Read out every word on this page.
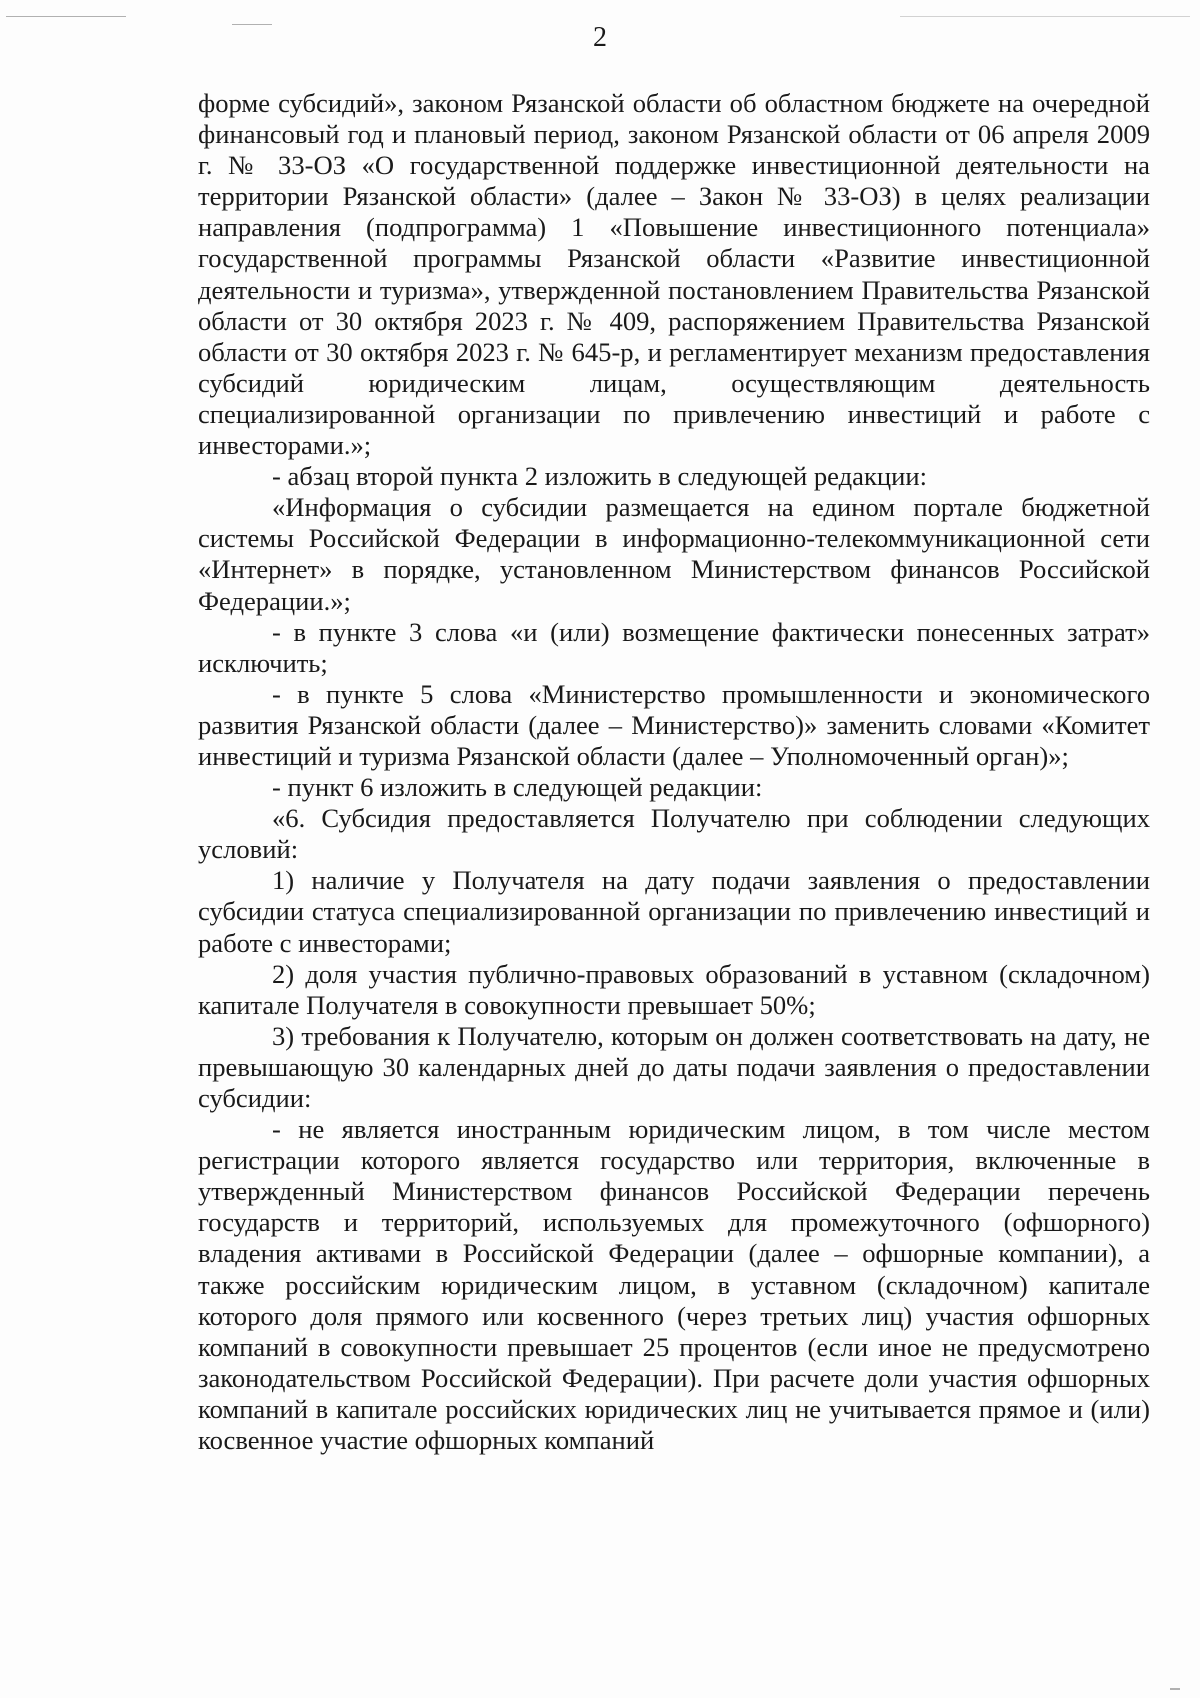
2

форме субсидий», законом Рязанской области об областном бюджете на очередной финансовый год и плановый период, законом Рязанской области от 06 апреля 2009 г. № 33-ОЗ «О государственной поддержке инвестиционной деятельности на территории Рязанской области» (далее – Закон № 33-ОЗ) в целях реализации направления (подпрограмма) 1 «Повышение инвестиционного потенциала» государственной программы Рязанской области «Развитие инвестиционной деятельности и туризма», утвержденной постановлением Правительства Рязанской области от 30 октября 2023 г. № 409, распоряжением Правительства Рязанской области от 30 октября 2023 г. № 645-р, и регламентирует механизм предоставления субсидий юридическим лицам, осуществляющим деятельность специализированной организации по привлечению инвестиций и работе с инвесторами.»;

- абзац второй пункта 2 изложить в следующей редакции:

«Информация о субсидии размещается на едином портале бюджетной системы Российской Федерации в информационно-телекоммуникационной сети «Интернет» в порядке, установленном Министерством финансов Российской Федерации.»;

- в пункте 3 слова «и (или) возмещение фактически понесенных затрат» исключить;

- в пункте 5 слова «Министерство промышленности и экономического развития Рязанской области (далее – Министерство)» заменить словами «Комитет инвестиций и туризма Рязанской области (далее – Уполномоченный орган)»;

- пункт 6 изложить в следующей редакции:

«6. Субсидия предоставляется Получателю при соблюдении следующих условий:

1) наличие у Получателя на дату подачи заявления о предоставлении субсидии статуса специализированной организации по привлечению инвестиций и работе с инвесторами;

2) доля участия публично-правовых образований в уставном (складочном) капитале Получателя в совокупности превышает 50%;

3) требования к Получателю, которым он должен соответствовать на дату, не превышающую 30 календарных дней до даты подачи заявления о предоставлении субсидии:

- не является иностранным юридическим лицом, в том числе местом регистрации которого является государство или территория, включенные в утвержденный Министерством финансов Российской Федерации перечень государств и территорий, используемых для промежуточного (офшорного) владения активами в Российской Федерации (далее – офшорные компании), а также российским юридическим лицом, в уставном (складочном) капитале которого доля прямого или косвенного (через третьих лиц) участия офшорных компаний в совокупности превышает 25 процентов (если иное не предусмотрено законодательством Российской Федерации). При расчете доли участия офшорных компаний в капитале российских юридических лиц не учитывается прямое и (или) косвенное участие офшорных компаний
